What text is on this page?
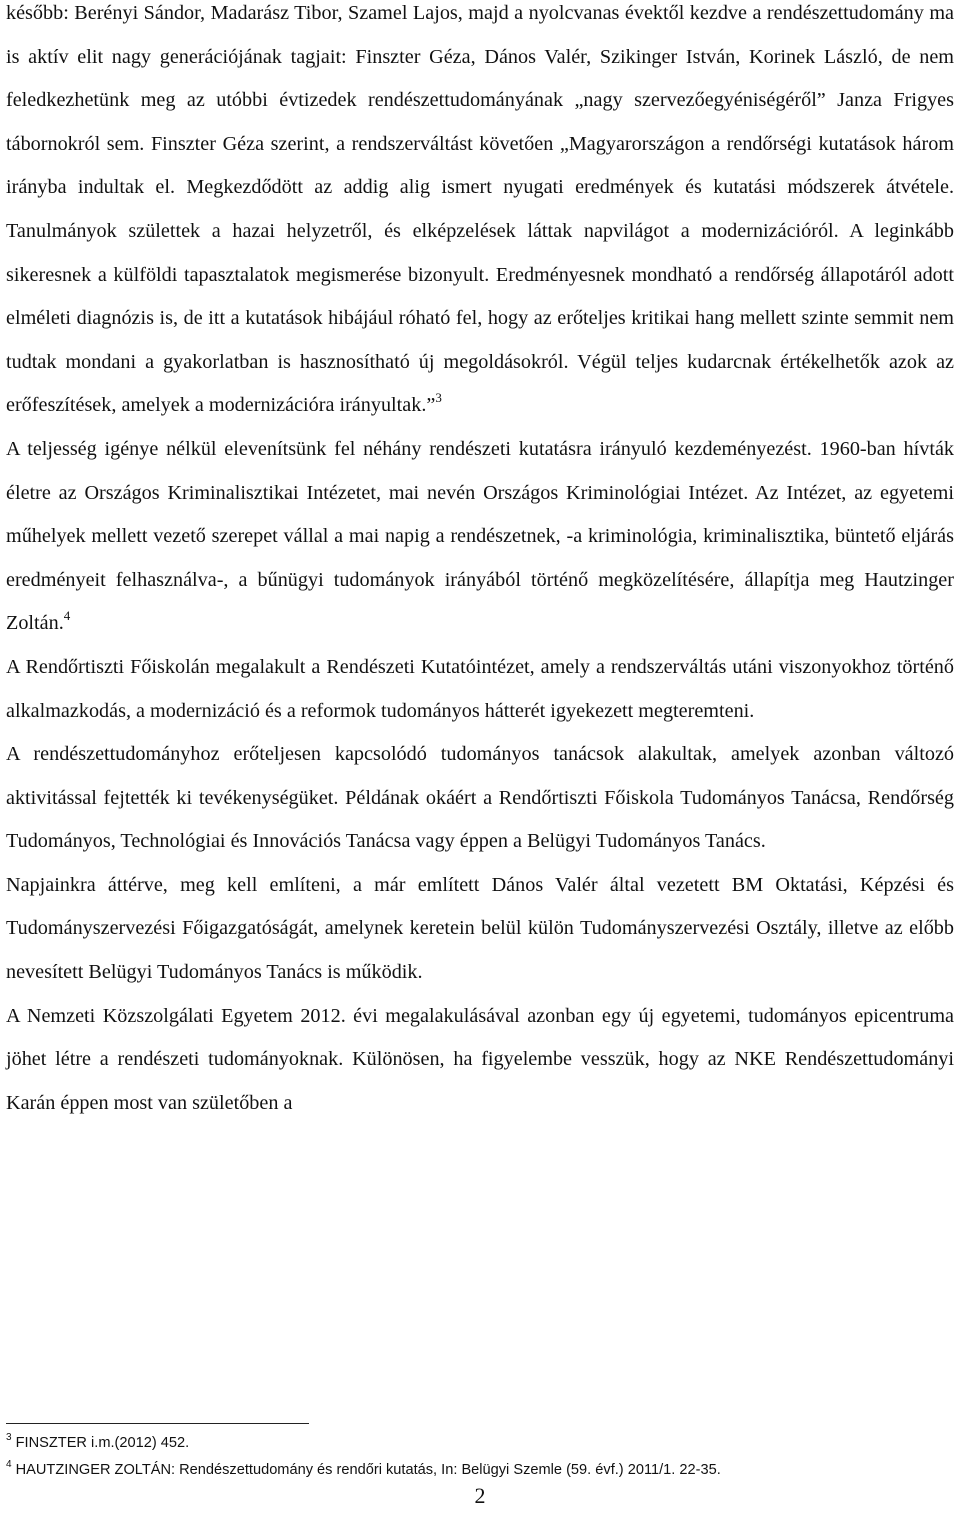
később: Berényi Sándor, Madarász Tibor, Szamel Lajos, majd a nyolcvanas évektől kezdve a rendészettudomány ma is aktív elit nagy generációjának tagjait: Finszter Géza, Dános Valér, Szikinger István, Korinek László, de nem feledkezhetünk meg az utóbbi évtizedek rendészettudományának „nagy szervezőegyéniségéről” Janza Frigyes tábornokról sem. Finszter Géza szerint, a rendszerváltást követően „Magyarországon a rendőrségi kutatások három irányba indultak el. Megkezdődött az addig alig ismert nyugati eredmények és kutatási módszerek átvétele. Tanulmányok születtek a hazai helyzetről, és elképzelések láttak napvilágot a modernizációról. A leginkább sikeresnek a külföldi tapasztalatok megismerése bizonyult. Eredményesnek mondható a rendőrség állapotáról adott elméleti diagnózis is, de itt a kutatások hibájául róható fel, hogy az erőteljes kritikai hang mellett szinte semmit nem tudtak mondani a gyakorlatban is hasznosítható új megoldásokról. Végül teljes kudarcnak értékelhetők azok az erőfeszítések, amelyek a modernizációra irányultak.”$^3$

A teljesség igénye nélkül elevenítsünk fel néhány rendészeti kutatásra irányuló kezdeményezést. 1960-ban hívták életre az Országos Kriminalisztikai Intézetet, mai nevén Országos Kriminológiai Intézet. Az Intézet, az egyetemi műhelyek mellett vezető szerepet vállal a mai napig a rendészetnek, -a kriminológia, kriminalisztika, büntető eljárás eredményeit felhasználva-, a bűnügyi tudományok irányából történő megközelítésére, állapítja meg Hautzinger Zoltán.$^4$

A Rendőrtiszti Főiskolán megalakult a Rendészeti Kutatóintézet, amely a rendszerváltás utáni viszonyokhoz történő alkalmazkodás, a modernizáció és a reformok tudományos hátterét igyekezett megteremteni.

A rendészettudományhoz erőteljesen kapcsolódó tudományos tanácsok alakultak, amelyek azonban változó aktivitással fejtették ki tevékenységüket. Példának okáért a Rendőrtiszti Főiskola Tudományos Tanácsa, Rendőrség Tudományos, Technológiai és Innovációs Tanácsa vagy éppen a Belügyi Tudományos Tanács.

Napjainkra áttérve, meg kell említeni, a már említett Dános Valér által vezetett BM Oktatási, Képzési és Tudományszervezési Főigazgatóságát, amelynek keretein belül külön Tudományszervezési Osztály, illetve az előbb nevesített Belügyi Tudományos Tanács is működik.

A Nemzeti Közszolgálati Egyetem 2012. évi megalakulásával azonban egy új egyetemi, tudományos epicentruma jöhet létre a rendészeti tudományoknak. Különösen, ha figyelembe vesszük, hogy az NKE Rendészettudományi Karán éppen most van születőben a

$^3$ FINSZTER i.m.(2012) 452.
$^4$ HAUTZINGER ZOLTÁN: Rendészettudomány és rendőri kutatás, In: Belügyi Szemle (59. évf.) 2011/1. 22-35.
2
